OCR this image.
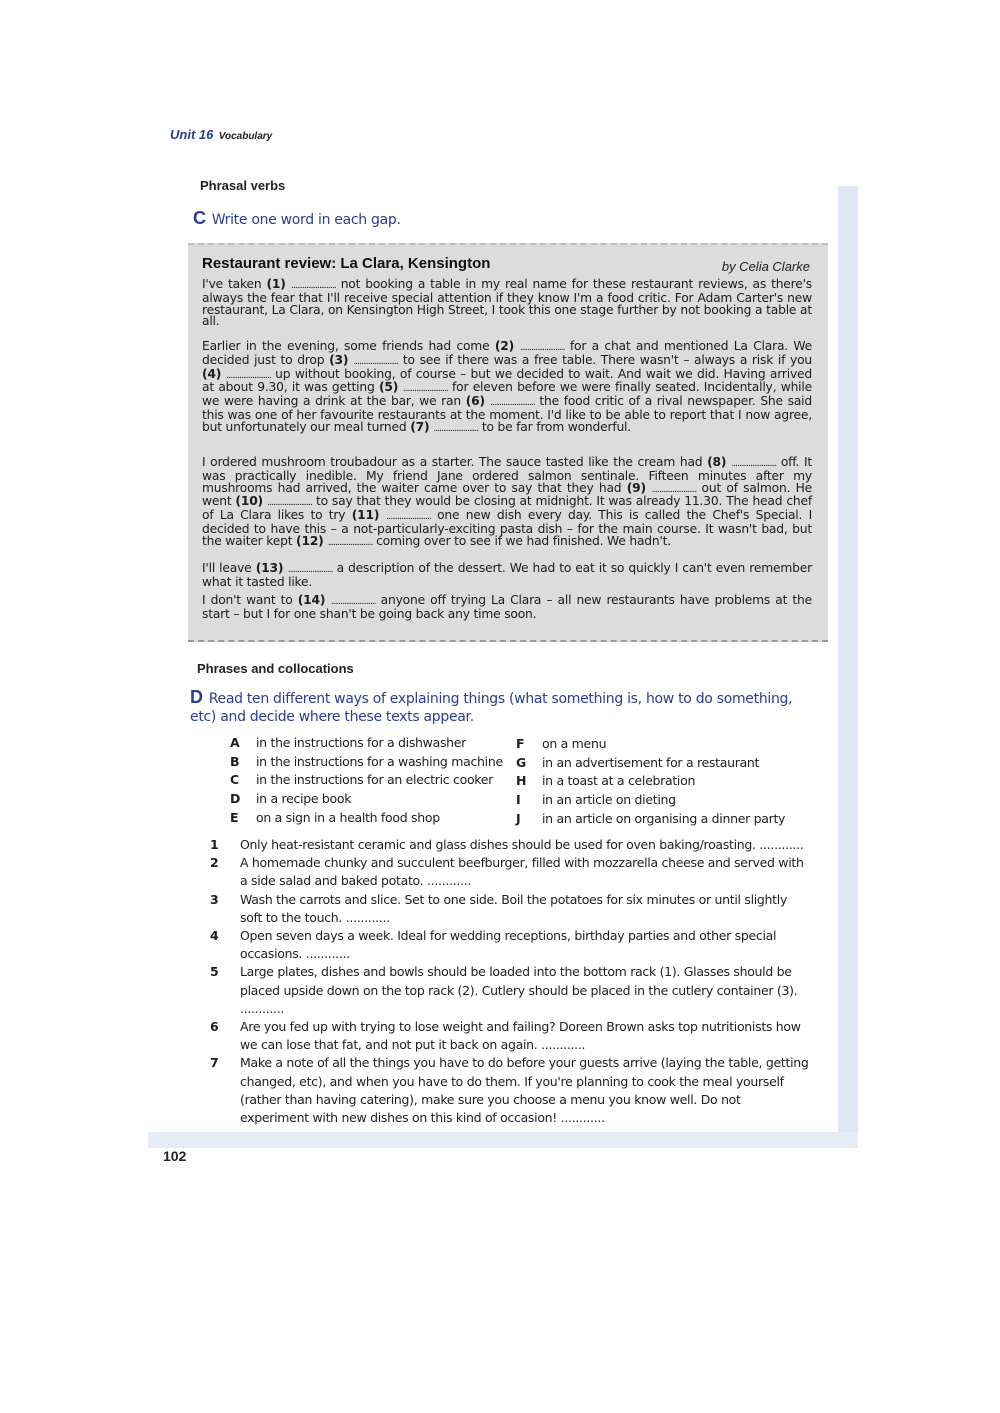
Unit 16 Vocabulary
Phrasal verbs
C Write one word in each gap.
Restaurant review: La Clara, Kensington	by Celia Clarke
I've taken (1) ........................ not booking a table in my real name for these restaurant reviews, as there's always the fear that I'll receive special attention if they know I'm a food critic. For Adam Carter's new restaurant, La Clara, on Kensington High Street, I took this one stage further by not booking a table at all.
Earlier in the evening, some friends had come (2) ........................ for a chat and mentioned La Clara. We decided just to drop (3) ........................ to see if there was a free table. There wasn't – always a risk if you (4) ........................ up without booking, of course – but we decided to wait. And wait we did. Having arrived at about 9.30, it was getting (5) ........................ for eleven before we were finally seated. Incidentally, while we were having a drink at the bar, we ran (6) ........................ the food critic of a rival newspaper. She said this was one of her favourite restaurants at the moment. I'd like to be able to report that I now agree, but unfortunately our meal turned (7) ........................ to be far from wonderful.
I ordered mushroom troubadour as a starter. The sauce tasted like the cream had (8) ........................ off. It was practically inedible. My friend Jane ordered salmon sentinale. Fifteen minutes after my mushrooms had arrived, the waiter came over to say that they had (9) ........................ out of salmon. He went (10) ........................ to say that they would be closing at midnight. It was already 11.30. The head chef of La Clara likes to try (11) ........................ one new dish every day. This is called the Chef's Special. I decided to have this – a not-particularly-exciting pasta dish – for the main course. It wasn't bad, but the waiter kept (12) ........................ coming over to see if we had finished. We hadn't.
I'll leave (13) ........................ a description of the dessert. We had to eat it so quickly I can't even remember what it tasted like.
I don't want to (14) ........................ anyone off trying La Clara – all new restaurants have problems at the start – but I for one shan't be going back any time soon.
Phrases and collocations
D Read ten different ways of explaining things (what something is, how to do something, etc) and decide where these texts appear.
A	in the instructions for a dishwasher
B	in the instructions for a washing machine
C	in the instructions for an electric cooker
D	in a recipe book
E	on a sign in a health food shop
F	on a menu
G	in an advertisement for a restaurant
H	in a toast at a celebration
I	in an article on dieting
J	in an article on organising a dinner party
1	Only heat-resistant ceramic and glass dishes should be used for oven baking/roasting. ............
2	A homemade chunky and succulent beefburger, filled with mozzarella cheese and served with a side salad and baked potato. ............
3	Wash the carrots and slice. Set to one side. Boil the potatoes for six minutes or until slightly soft to the touch. ............
4	Open seven days a week. Ideal for wedding receptions, birthday parties and other special occasions. ............
5	Large plates, dishes and bowls should be loaded into the bottom rack (1). Glasses should be placed upside down on the top rack (2). Cutlery should be placed in the cutlery container (3). ............
6	Are you fed up with trying to lose weight and failing? Doreen Brown asks top nutritionists how we can lose that fat, and not put it back on again. ............
7	Make a note of all the things you have to do before your guests arrive (laying the table, getting changed, etc), and when you have to do them. If you're planning to cook the meal yourself (rather than having catering), make sure you choose a menu you know well. Do not experiment with new dishes on this kind of occasion! ............
102
